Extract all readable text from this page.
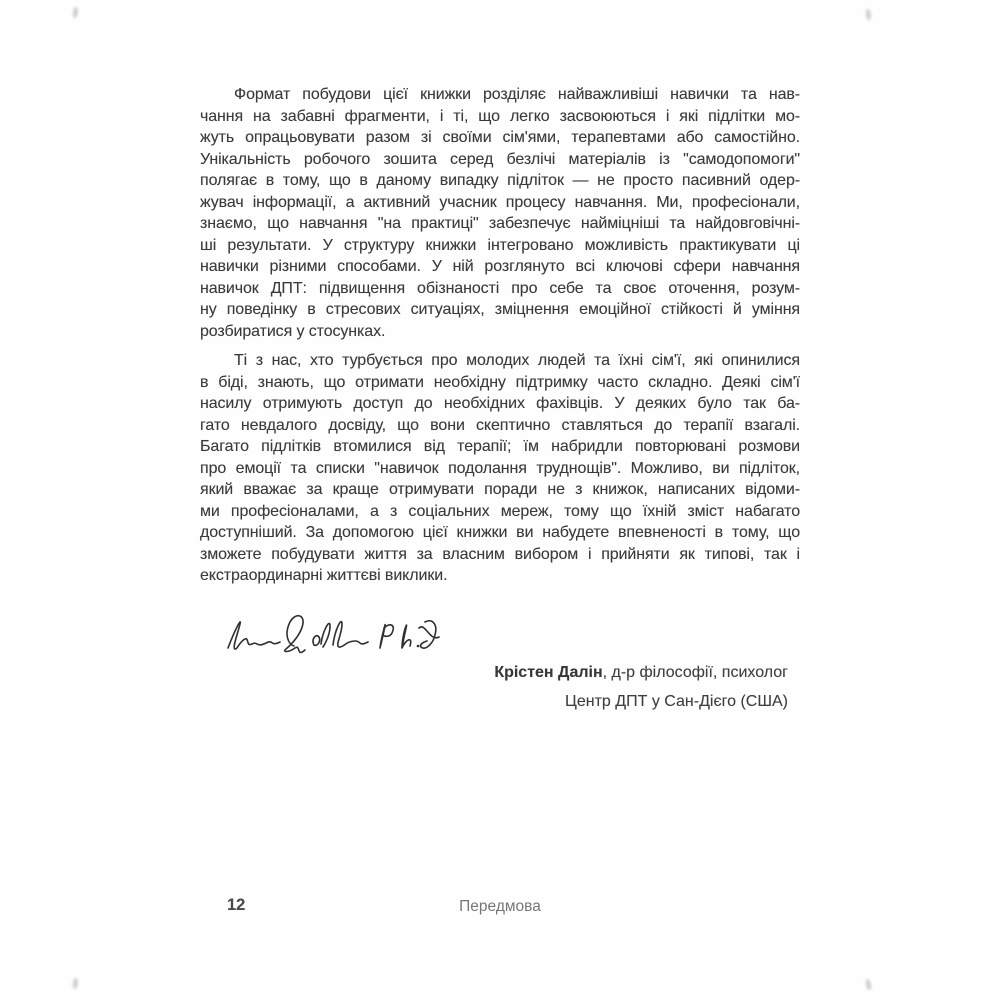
Формат побудови цієї книжки розділяє найважливіші навички та нав-
чання на забавні фрагменти, і ті, що легко засвоюються і які підлітки мо-
жуть опрацьовувати разом зі своїми сім'ями, терапевтами або самостійно.
Унікальність робочого зошита серед безлічі матеріалів із "самодопомоги"
полягає в тому, що в даному випадку підліток — не просто пасивний одер-
жувач інформації, а активний учасник процесу навчання. Ми, професіонали,
знаємо, що навчання "на практиці" забезпечує найміцніші та найдовговічні-
ші результати. У структуру книжки інтегровано можливість практикувати ці
навички різними способами. У ній розглянуто всі ключові сфери навчання
навичок ДПТ: підвищення обізнаності про себе та своє оточення, розум-
ну поведінку в стресових ситуаціях, зміцнення емоційної стійкості й уміння
розбиратися у стосунках.
Ті з нас, хто турбується про молодих людей та їхні сім'ї, які опинилися
в біді, знають, що отримати необхідну підтримку часто складно. Деякі сім'ї
насилу отримують доступ до необхідних фахівців. У деяких було так ба-
гато невдалого досвіду, що вони скептично ставляться до терапії взагалі.
Багато підлітків втомилися від терапії; їм набридли повторювані розмови
про емоції та списки "навичок подолання труднощів". Можливо, ви підліток,
який вважає за краще отримувати поради не з книжок, написаних відоми-
ми професіоналами, а з соціальних мереж, тому що їхній зміст набагато
доступніший. За допомогою цієї книжки ви набудете впевненості в тому, що
зможете побудувати життя за власним вибором і прийняти як типові, так і
екстраординарні життєві виклики.
Крістен Далін, д-р філософії, психолог
Центр ДПТ у Сан-Дієго (США)
12	Передмова
